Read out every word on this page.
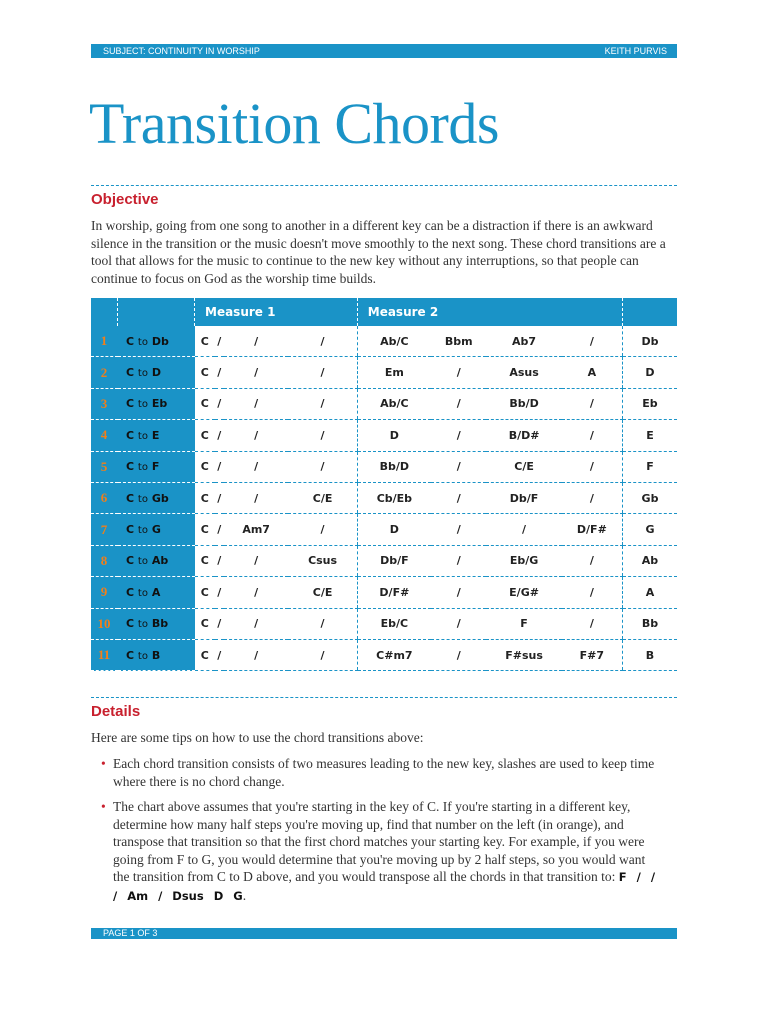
SUBJECT: CONTINUITY IN WORSHIP	KEITH PURVIS
Transition Chords
Objective
In worship, going from one song to another in a different key can be a distraction if there is an awkward silence in the transition or the music doesn't move smoothly to the next song. These chord transitions are a tool that allows for the music to continue to the new key without any interruptions, so that people can continue to focus on God as the worship time builds.
		Measure 1				Measure 2				
1	C to Db	C	/	/	/	Ab/C	Bbm	Ab7	/	Db
2	C to D	C	/	/	/	Em	/	Asus	A	D
3	C to Eb	C	/	/	/	Ab/C	/	Bb/D	/	Eb
4	C to E	C	/	/	/	D	/	B/D#	/	E
5	C to F	C	/	/	/	Bb/D	/	C/E	/	F
6	C to Gb	C	/	/	C/E	Cb/Eb	/	Db/F	/	Gb
7	C to G	C	/	Am7	/	D	/	/	D/F#	G
8	C to Ab	C	/	/	Csus	Db/F	/	Eb/G	/	Ab
9	C to A	C	/	/	C/E	D/F#	/	E/G#	/	A
10	C to Bb	C	/	/	/	Eb/C	/	F	/	Bb
11	C to B	C	/	/	/	C#m7	/	F#sus	F#7	B
Details
Here are some tips on how to use the chord transitions above:
• Each chord transition consists of two measures leading to the new key, slashes are used to keep time where there is no chord change.
• The chart above assumes that you're starting in the key of C. If you're starting in a different key, determine how many half steps you're moving up, find that number on the left (in orange), and transpose that transition so that the first chord matches your starting key. For example, if you were going from F to G, you would determine that you're moving up by 2 half steps, so you would want the transition from C to D above, and you would transpose all the chords in that transition to: F / / / Am / Dsus D G.
PAGE 1 OF 3
